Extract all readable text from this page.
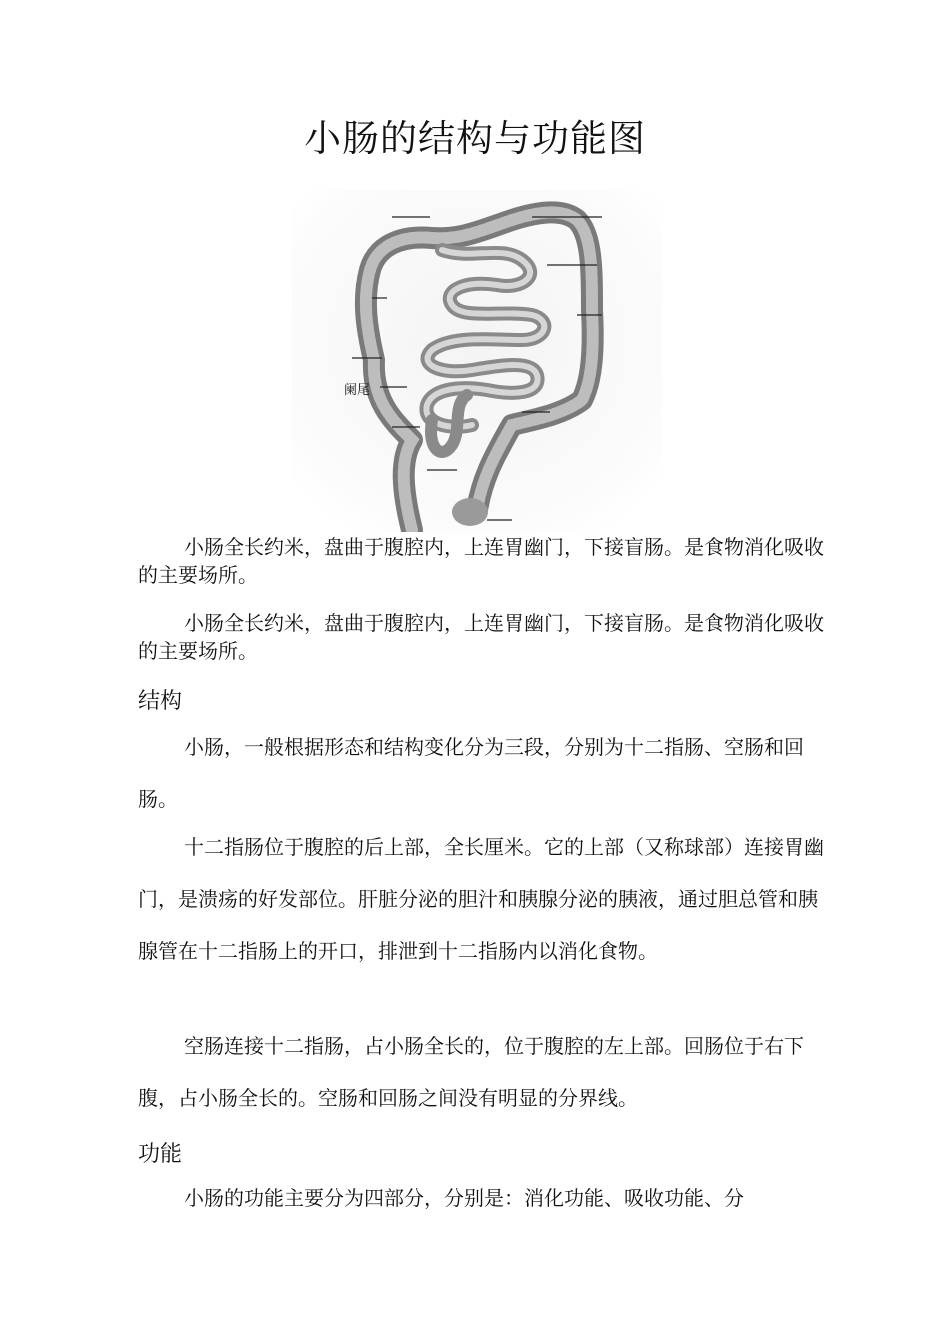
小肠的结构与功能图
阑尾

小肠全长约米，盘曲于腹腔内，上连胃幽门，下接盲肠。是食物消化吸收的主要场所。

小肠全长约米，盘曲于腹腔内，上连胃幽门，下接盲肠。是食物消化吸收的主要场所。

结构

小肠，一般根据形态和结构变化分为三段，分别为十二指肠、空肠和回肠。

十二指肠位于腹腔的后上部，全长厘米。它的上部（又称球部）连接胃幽门，是溃疡的好发部位。肝脏分泌的胆汁和胰腺分泌的胰液，通过胆总管和胰腺管在十二指肠上的开口，排泄到十二指肠内以消化食物。

空肠连接十二指肠，占小肠全长的，位于腹腔的左上部。回肠位于右下腹，占小肠全长的。空肠和回肠之间没有明显的分界线。

功能

小肠的功能主要分为四部分，分别是：消化功能、吸收功能、分
